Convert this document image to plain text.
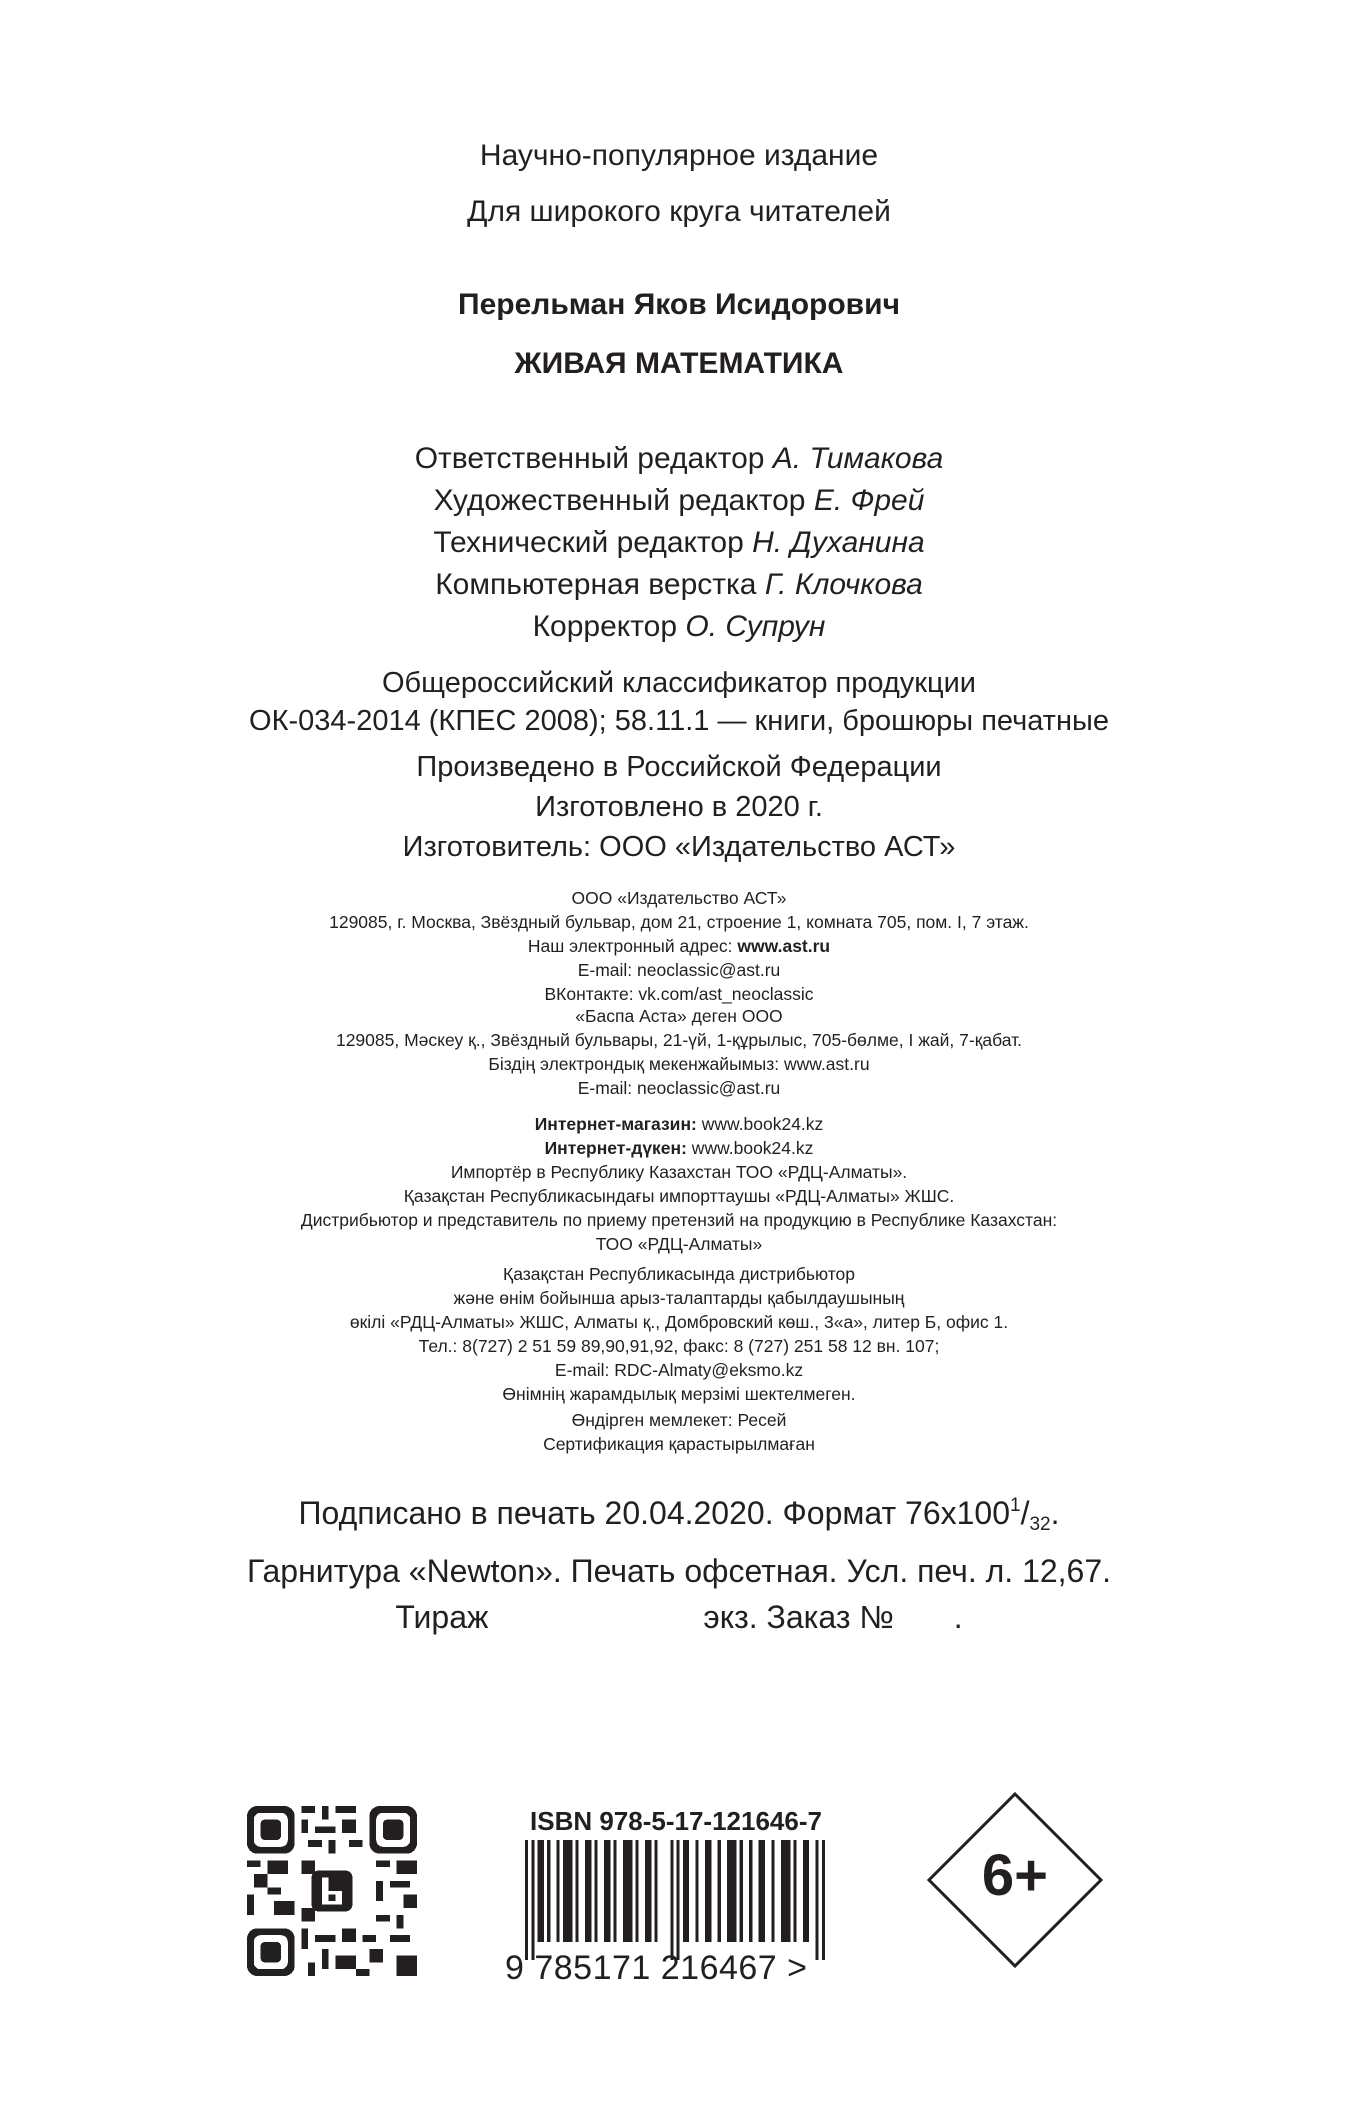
Научно-популярное издание
Для широкого круга читателей
Перельман Яков Исидорович
ЖИВАЯ МАТЕМАТИКА
Ответственный редактор А. Тимакова
Художественный редактор Е. Фрей
Технический редактор Н. Духанина
Компьютерная верстка Г. Клочкова
Корректор О. Супрун
Общероссийский классификатор продукции
ОК-034-2014 (КПЕС 2008); 58.11.1 — книги, брошюры печатные
Произведено в Российской Федерации
Изготовлено в 2020 г.
Изготовитель: ООО «Издательство АСТ»
ООО «Издательство АСТ»
129085, г. Москва, Звёздный бульвар, дом 21, строение 1, комната 705, пом. I, 7 этаж.
Наш электронный адрес: www.ast.ru
E-mail: neoclassic@ast.ru
ВКонтакте: vk.com/ast_neoclassic
«Баспа Аста» деген ООО
129085, Мәскеу қ., Звёздный бульвары, 21-үй, 1-құрылыс, 705-бөлме, I жай, 7-қабат.
Біздің электрондық мекенжайымыз: www.ast.ru
E-mail: neoclassic@ast.ru
Интернет-магазин: www.book24.kz
Интернет-дүкен: www.book24.kz
Импортёр в Республику Казахстан ТОО «РДЦ-Алматы».
Қазақстан Республикасындағы импорттаушы «РДЦ-Алматы» ЖШС.
Дистрибьютор и представитель по приему претензий на продукцию в Республике Казахстан:
ТОО «РДЦ-Алматы»
Қазақстан Республикасында дистрибьютор
және өнім бойынша арыз-талаптарды қабылдаушының
өкілі «РДЦ-Алматы» ЖШС, Алматы қ., Домбровский көш., 3«а», литер Б, офис 1.
Тел.: 8(727) 2 51 59 89,90,91,92, факс: 8 (727) 251 58 12 вн. 107;
E-mail: RDC-Almaty@eksmo.kz
Өнімнің жарамдылық мерзімі шектелмеген.
Өндірген мемлекет: Ресей
Сертификация қарастырылмаған
Подписано в печать 20.04.2020. Формат $76x100^1/_{32}$.
Гарнитура «Newton». Печать офсетная. Усл. печ. л. 12,67.
Тираж	экз. Заказ № .
ISBN 978-5-17-121646-7
9 785171 216467 >
6+
